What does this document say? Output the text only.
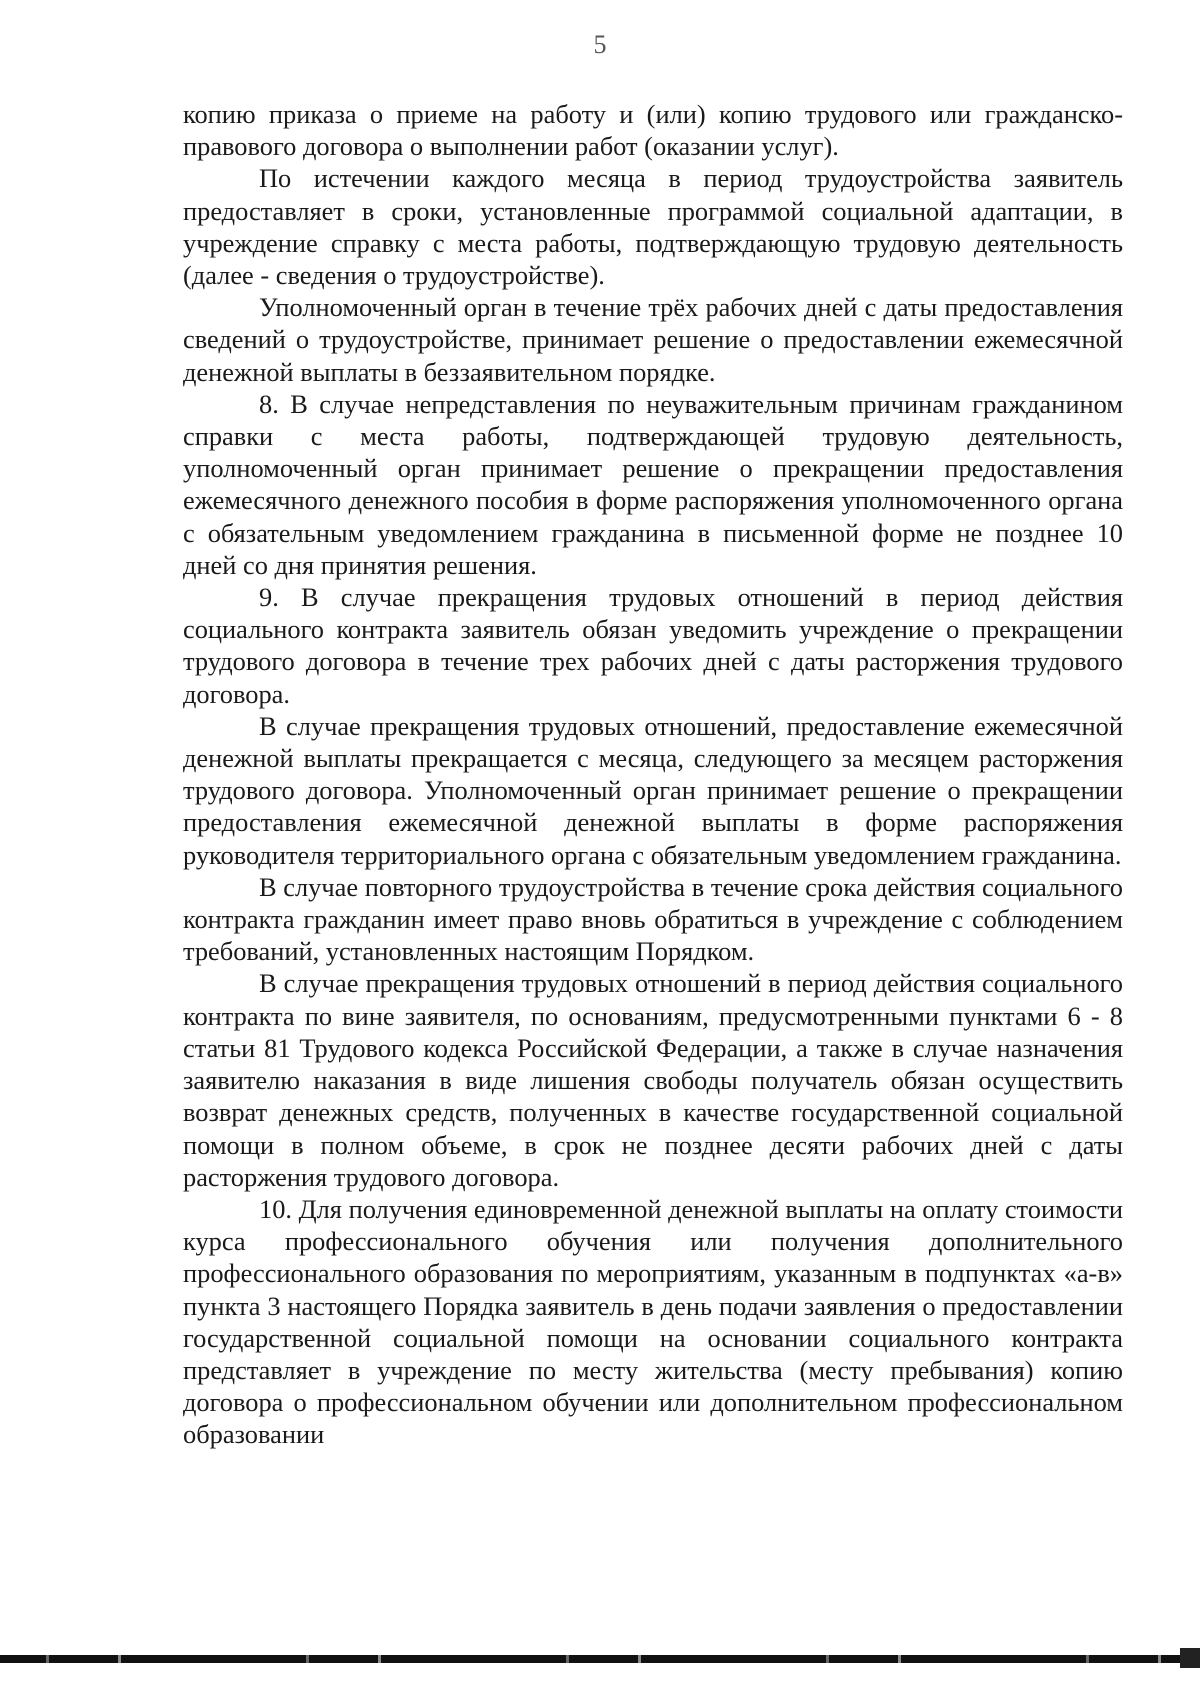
5

копию приказа о приеме на работу и (или) копию трудового или гражданско-правового договора о выполнении работ (оказании услуг).

По истечении каждого месяца в период трудоустройства заявитель предоставляет в сроки, установленные программой социальной адаптации, в учреждение справку с места работы, подтверждающую трудовую деятельность (далее - сведения о трудоустройстве).

Уполномоченный орган в течение трёх рабочих дней с даты предоставления сведений о трудоустройстве, принимает решение о предоставлении ежемесячной денежной выплаты в беззаявительном порядке.

8. В случае непредставления по неуважительным причинам гражданином справки с места работы, подтверждающей трудовую деятельность, уполномоченный орган принимает решение о прекращении предоставления ежемесячного денежного пособия в форме распоряжения уполномоченного органа с обязательным уведомлением гражданина в письменной форме не позднее 10 дней со дня принятия решения.

9. В случае прекращения трудовых отношений в период действия социального контракта заявитель обязан уведомить учреждение о прекращении трудового договора в течение трех рабочих дней с даты расторжения трудового договора.

В случае прекращения трудовых отношений, предоставление ежемесячной денежной выплаты прекращается с месяца, следующего за месяцем расторжения трудового договора. Уполномоченный орган принимает решение о прекращении предоставления ежемесячной денежной выплаты в форме распоряжения руководителя территориального органа с обязательным уведомлением гражданина.

В случае повторного трудоустройства в течение срока действия социального контракта гражданин имеет право вновь обратиться в учреждение с соблюдением требований, установленных настоящим Порядком.

В случае прекращения трудовых отношений в период действия социального контракта по вине заявителя, по основаниям, предусмотренными пунктами 6 - 8 статьи 81 Трудового кодекса Российской Федерации, а также в случае назначения заявителю наказания в виде лишения свободы получатель обязан осуществить возврат денежных средств, полученных в качестве государственной социальной помощи в полном объеме, в срок не позднее десяти рабочих дней с даты расторжения трудового договора.

10. Для получения единовременной денежной выплаты на оплату стоимости курса профессионального обучения или получения дополнительного профессионального образования по мероприятиям, указанным в подпунктах «а-в» пункта 3 настоящего Порядка заявитель в день подачи заявления о предоставлении государственной социальной помощи на основании социального контракта представляет в учреждение по месту жительства (месту пребывания) копию договора о профессиональном обучении или дополнительном профессиональном образовании
